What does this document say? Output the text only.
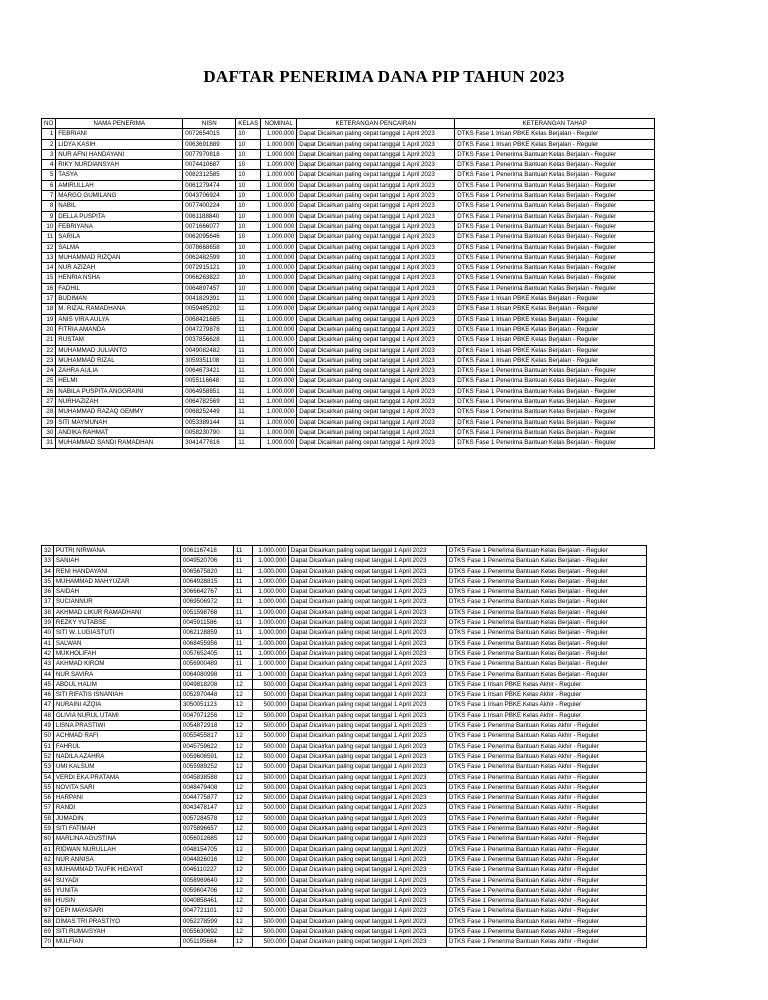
DAFTAR PENERIMA DANA PIP TAHUN 2023
NO	NAMA PENERIMA	NISN	KELAS	NOMINAL	KETERANGAN PENCAIRAN	KETERANGAN TAHAP
1	FEBRIANI	0072654015	10	1.000.000	Dapat Dicairkan paling cepat tanggal 1 April 2023	DTKS Fase 1 Irisan PBKE Kelas Berjalan - Reguler
2	LIDYA KASIH	0063691889	10	1.000.000	Dapat Dicairkan paling cepat tanggal 1 April 2023	DTKS Fase 1 Irisan PBKE Kelas Berjalan - Reguler
3	NUR AFNI HANDAYANI	0077970818	10	1.000.000	Dapat Dicairkan paling cepat tanggal 1 April 2023	DTKS Fase 1 Penerima Bantuan Kelas Berjalan - Reguler
4	RIKY NURDIANSYAH	0074410687	10	1.000.000	Dapat Dicairkan paling cepat tanggal 1 April 2023	DTKS Fase 1 Penerima Bantuan Kelas Berjalan - Reguler
5	TASYA	0082312585	10	1.000.000	Dapat Dicairkan paling cepat tanggal 1 April 2023	DTKS Fase 1 Penerima Bantuan Kelas Berjalan - Reguler
6	AMIRULLAH	0061279474	10	1.000.000	Dapat Dicairkan paling cepat tanggal 1 April 2023	DTKS Fase 1 Penerima Bantuan Kelas Berjalan - Reguler
7	MARGO GUMILANG	0043706924	10	1.000.000	Dapat Dicairkan paling cepat tanggal 1 April 2023	DTKS Fase 1 Penerima Bantuan Kelas Berjalan - Reguler
8	NABIL	0077400224	10	1.000.000	Dapat Dicairkan paling cepat tanggal 1 April 2023	DTKS Fase 1 Penerima Bantuan Kelas Berjalan - Reguler
9	DELLA PUSPITA	0061188840	10	1.000.000	Dapat Dicairkan paling cepat tanggal 1 April 2023	DTKS Fase 1 Penerima Bantuan Kelas Berjalan - Reguler
10	FEBRIYANA	0071666077	10	1.000.000	Dapat Dicairkan paling cepat tanggal 1 April 2023	DTKS Fase 1 Penerima Bantuan Kelas Berjalan - Reguler
11	SARILA	0062095646	10	1.000.000	Dapat Dicairkan paling cepat tanggal 1 April 2023	DTKS Fase 1 Penerima Bantuan Kelas Berjalan - Reguler
12	SALMA	0078668658	10	1.000.000	Dapat Dicairkan paling cepat tanggal 1 April 2023	DTKS Fase 1 Penerima Bantuan Kelas Berjalan - Reguler
13	MUHAMMAD RIZQAN	0062482599	10	1.000.000	Dapat Dicairkan paling cepat tanggal 1 April 2023	DTKS Fase 1 Penerima Bantuan Kelas Berjalan - Reguler
14	NUR AZIZAH	0072915121	10	1.000.000	Dapat Dicairkan paling cepat tanggal 1 April 2023	DTKS Fase 1 Penerima Bantuan Kelas Berjalan - Reguler
15	HENRIA NSHA	0066263822	10	1.000.000	Dapat Dicairkan paling cepat tanggal 1 April 2023	DTKS Fase 1 Penerima Bantuan Kelas Berjalan - Reguler
16	FADHIL	0064897457	10	1.000.000	Dapat Dicairkan paling cepat tanggal 1 April 2023	DTKS Fase 1 Penerima Bantuan Kelas Berjalan - Reguler
17	BUDIMAN	0041829391	11	1.000.000	Dapat Dicairkan paling cepat tanggal 1 April 2023	DTKS Fase 1 Irisan PBKE Kelas Berjalan - Reguler
18	M. RIZAL RAMADHANA	0059485202	11	1.000.000	Dapat Dicairkan paling cepat tanggal 1 April 2023	DTKS Fase 1 Irisan PBKE Kelas Berjalan - Reguler
19	ANIS VIRA AULYA	0068421685	11	1.000.000	Dapat Dicairkan paling cepat tanggal 1 April 2023	DTKS Fase 1 Irisan PBKE Kelas Berjalan - Reguler
20	FITRIA AMANDA	0047279878	11	1.000.000	Dapat Dicairkan paling cepat tanggal 1 April 2023	DTKS Fase 1 Irisan PBKE Kelas Berjalan - Reguler
21	RUSTAM	0037856628	11	1.000.000	Dapat Dicairkan paling cepat tanggal 1 April 2023	DTKS Fase 1 Irisan PBKE Kelas Berjalan - Reguler
22	MUHAMMAD JULIANTO	0049082482	11	1.000.000	Dapat Dicairkan paling cepat tanggal 1 April 2023	DTKS Fase 1 Irisan PBKE Kelas Berjalan - Reguler
23	MUHAMMAD RIZAL	3059351108	11	1.000.000	Dapat Dicairkan paling cepat tanggal 1 April 2023	DTKS Fase 1 Irisan PBKE Kelas Berjalan - Reguler
24	ZAHRA AULIA	0064673421	11	1.000.000	Dapat Dicairkan paling cepat tanggal 1 April 2023	DTKS Fase 1 Penerima Bantuan Kelas Berjalan - Reguler
25	HELMI	0055116648	11	1.000.000	Dapat Dicairkan paling cepat tanggal 1 April 2023	DTKS Fase 1 Penerima Bantuan Kelas Berjalan - Reguler
26	NABILA PUSPITA ANGGRAINI	0064958851	11	1.000.000	Dapat Dicairkan paling cepat tanggal 1 April 2023	DTKS Fase 1 Penerima Bantuan Kelas Berjalan - Reguler
27	NURHAZIZAH	0064782569	11	1.000.000	Dapat Dicairkan paling cepat tanggal 1 April 2023	DTKS Fase 1 Penerima Bantuan Kelas Berjalan - Reguler
28	MUHAMMAD RAZAQ GEMMY	0068252449	11	1.000.000	Dapat Dicairkan paling cepat tanggal 1 April 2023	DTKS Fase 1 Penerima Bantuan Kelas Berjalan - Reguler
29	SITI MAYMUNAH	0053389144	11	1.000.000	Dapat Dicairkan paling cepat tanggal 1 April 2023	DTKS Fase 1 Penerima Bantuan Kelas Berjalan - Reguler
30	ANDIKA RAHMAT	0058230790	11	1.000.000	Dapat Dicairkan paling cepat tanggal 1 April 2023	DTKS Fase 1 Penerima Bantuan Kelas Berjalan - Reguler
31	MUHAMMAD SANDI RAMADHAN	3041477816	11	1.000.000	Dapat Dicairkan paling cepat tanggal 1 April 2023	DTKS Fase 1 Penerima Bantuan Kelas Berjalan - Reguler
32	PUTRI NIRWANA	0061167418	11	1.000.000	Dapat Dicairkan paling cepat tanggal 1 April 2023	DTKS Fase 1 Penerima Bantuan Kelas Berjalan - Reguler
33	SANIAH	0049520706	11	1.000.000	Dapat Dicairkan paling cepat tanggal 1 April 2023	DTKS Fase 1 Penerima Bantuan Kelas Berjalan - Reguler
34	RENI HANDAYANI	0065675820	11	1.000.000	Dapat Dicairkan paling cepat tanggal 1 April 2023	DTKS Fase 1 Penerima Bantuan Kelas Berjalan - Reguler
35	MUHAMMAD MAHYUZAR	0064928815	11	1.000.000	Dapat Dicairkan paling cepat tanggal 1 April 2023	DTKS Fase 1 Penerima Bantuan Kelas Berjalan - Reguler
36	SAIDAH	3066642767	11	1.000.000	Dapat Dicairkan paling cepat tanggal 1 April 2023	DTKS Fase 1 Penerima Bantuan Kelas Berjalan - Reguler
37	SUCIANNUR	0069506972	11	1.000.000	Dapat Dicairkan paling cepat tanggal 1 April 2023	DTKS Fase 1 Penerima Bantuan Kelas Berjalan - Reguler
38	AKHMAD LIKUR RAMADHANI	0051598768	11	1.000.000	Dapat Dicairkan paling cepat tanggal 1 April 2023	DTKS Fase 1 Penerima Bantuan Kelas Berjalan - Reguler
39	REZKY YUTABSE	0045911586	11	1.000.000	Dapat Dicairkan paling cepat tanggal 1 April 2023	DTKS Fase 1 Penerima Bantuan Kelas Berjalan - Reguler
40	SITI W. LUGIASTUTI	0062128859	11	1.000.000	Dapat Dicairkan paling cepat tanggal 1 April 2023	DTKS Fase 1 Penerima Bantuan Kelas Berjalan - Reguler
41	SALWAN	0068455956	11	1.000.000	Dapat Dicairkan paling cepat tanggal 1 April 2023	DTKS Fase 1 Penerima Bantuan Kelas Berjalan - Reguler
42	MUKHOLIFAH	0057652405	11	1.000.000	Dapat Dicairkan paling cepat tanggal 1 April 2023	DTKS Fase 1 Penerima Bantuan Kelas Berjalan - Reguler
43	AKHMAD KIROM	0056900489	11	1.000.000	Dapat Dicairkan paling cepat tanggal 1 April 2023	DTKS Fase 1 Penerima Bantuan Kelas Berjalan - Reguler
44	NUR SAVIRA	0064080998	11	1.000.000	Dapat Dicairkan paling cepat tanggal 1 April 2023	DTKS Fase 1 Penerima Bantuan Kelas Berjalan - Reguler
45	ABDUL HALIM	0049818208	12	500.000	Dapat Dicairkan paling cepat tanggal 1 April 2023	DTKS Fase 1 Irisan PBKE Kelas Akhir - Reguler
46	SITI RIFATIS ISNANIAH	0052970448	12	500.000	Dapat Dicairkan paling cepat tanggal 1 April 2023	DTKS Fase 1 Irisan PBKE Kelas Akhir - Reguler
47	NURAINI AZQIA	3050051123	12	500.000	Dapat Dicairkan paling cepat tanggal 1 April 2023	DTKS Fase 1 Irisan PBKE Kelas Akhir - Reguler
48	OLIVIA NURUL UTAMI	0047071256	12	500.000	Dapat Dicairkan paling cepat tanggal 1 April 2023	DTKS Fase 1 Irisan PBKE Kelas Akhir - Reguler
49	LISNA PRASTIWI	0054872918	12	500.000	Dapat Dicairkan paling cepat tanggal 1 April 2023	DTKS Fase 1 Penerima Bantuan Kelas Akhir - Reguler
50	ACHMAD RAFI	0055455817	12	500.000	Dapat Dicairkan paling cepat tanggal 1 April 2023	DTKS Fase 1 Penerima Bantuan Kelas Akhir - Reguler
51	FAHRUL	0045759622	12	500.000	Dapat Dicairkan paling cepat tanggal 1 April 2023	DTKS Fase 1 Penerima Bantuan Kelas Akhir - Reguler
52	NADILA AZAHRA	0059606591	12	500.000	Dapat Dicairkan paling cepat tanggal 1 April 2023	DTKS Fase 1 Penerima Bantuan Kelas Akhir - Reguler
53	UMI KALSUM	0055989252	12	500.000	Dapat Dicairkan paling cepat tanggal 1 April 2023	DTKS Fase 1 Penerima Bantuan Kelas Akhir - Reguler
54	VERDI EKA PRATAMA	0045838588	12	500.000	Dapat Dicairkan paling cepat tanggal 1 April 2023	DTKS Fase 1 Penerima Bantuan Kelas Akhir - Reguler
55	NOVITA SARI	0048479408	12	500.000	Dapat Dicairkan paling cepat tanggal 1 April 2023	DTKS Fase 1 Penerima Bantuan Kelas Akhir - Reguler
56	HARPANI	0044775877	12	500.000	Dapat Dicairkan paling cepat tanggal 1 April 2023	DTKS Fase 1 Penerima Bantuan Kelas Akhir - Reguler
57	RANDI	0043478147	12	500.000	Dapat Dicairkan paling cepat tanggal 1 April 2023	DTKS Fase 1 Penerima Bantuan Kelas Akhir - Reguler
58	JUMADIN	0057284578	12	500.000	Dapat Dicairkan paling cepat tanggal 1 April 2023	DTKS Fase 1 Penerima Bantuan Kelas Akhir - Reguler
59	SITI FATIMAH	0075896657	12	500.000	Dapat Dicairkan paling cepat tanggal 1 April 2023	DTKS Fase 1 Penerima Bantuan Kelas Akhir - Reguler
60	MARLINA AGUSTINA	0056012685	12	500.000	Dapat Dicairkan paling cepat tanggal 1 April 2023	DTKS Fase 1 Penerima Bantuan Kelas Akhir - Reguler
61	RIDWAN NURULLAH	0048154705	12	500.000	Dapat Dicairkan paling cepat tanggal 1 April 2023	DTKS Fase 1 Penerima Bantuan Kelas Akhir - Reguler
62	NUR ANNISA	0044826016	12	500.000	Dapat Dicairkan paling cepat tanggal 1 April 2023	DTKS Fase 1 Penerima Bantuan Kelas Akhir - Reguler
63	MUHAMMAD TAUFIK HIDAYAT	0046110227	12	500.000	Dapat Dicairkan paling cepat tanggal 1 April 2023	DTKS Fase 1 Penerima Bantuan Kelas Akhir - Reguler
64	SUYADI	0058969640	12	500.000	Dapat Dicairkan paling cepat tanggal 1 April 2023	DTKS Fase 1 Penerima Bantuan Kelas Akhir - Reguler
65	YUNITA	0059604706	12	500.000	Dapat Dicairkan paling cepat tanggal 1 April 2023	DTKS Fase 1 Penerima Bantuan Kelas Akhir - Reguler
66	HUSIN	0040858461	12	500.000	Dapat Dicairkan paling cepat tanggal 1 April 2023	DTKS Fase 1 Penerima Bantuan Kelas Akhir - Reguler
67	DEPI MAYASARI	0047721101	12	500.000	Dapat Dicairkan paling cepat tanggal 1 April 2023	DTKS Fase 1 Penerima Bantuan Kelas Akhir - Reguler
68	DIMAS TRI PRASTIYO	0052278599	12	500.000	Dapat Dicairkan paling cepat tanggal 1 April 2023	DTKS Fase 1 Penerima Bantuan Kelas Akhir - Reguler
69	SITI RUMAISYAH	0055630692	12	500.000	Dapat Dicairkan paling cepat tanggal 1 April 2023	DTKS Fase 1 Penerima Bantuan Kelas Akhir - Reguler
70	MULFIAN	0051195664	12	500.000	Dapat Dicairkan paling cepat tanggal 1 April 2023	DTKS Fase 1 Penerima Bantuan Kelas Akhir - Reguler
